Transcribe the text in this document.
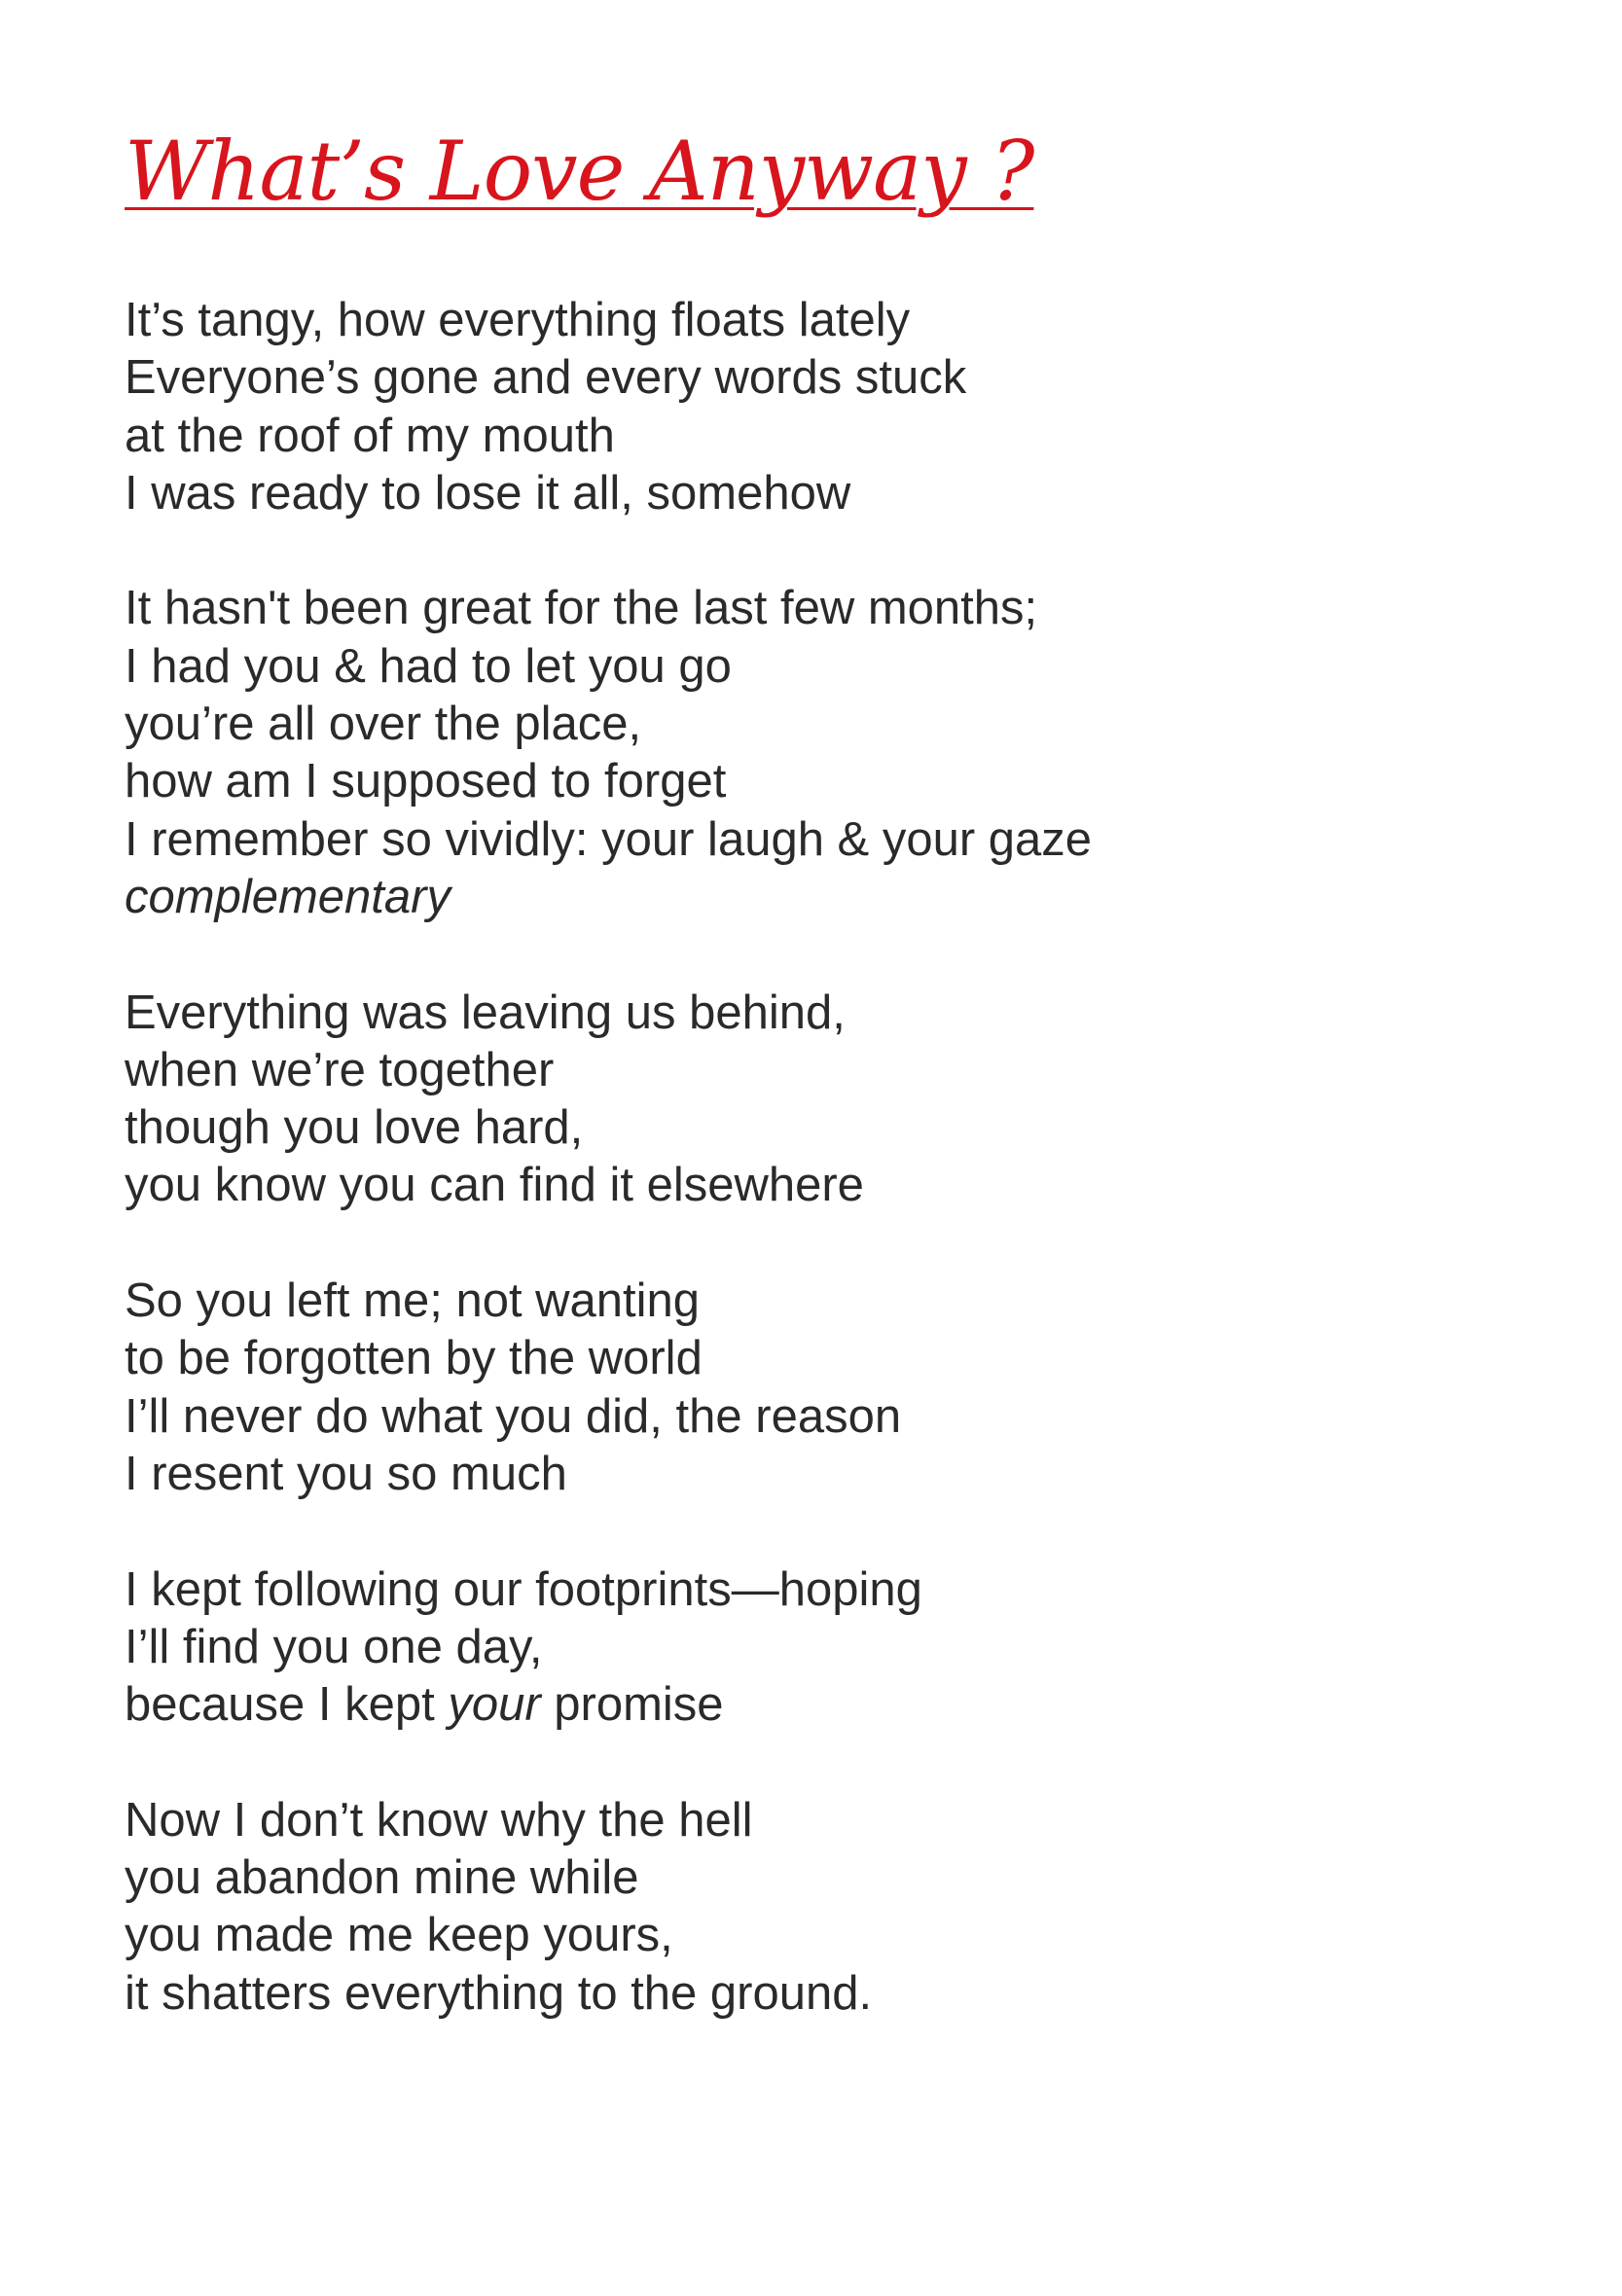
What’s Love Anyway ?

It’s tangy, how everything floats lately
Everyone’s gone and every words stuck
at the roof of my mouth
I was ready to lose it all, somehow

It hasn't been great for the last few months;
I had you & had to let you go
you’re all over the place,
how am I supposed to forget
I remember so vividly: your laugh & your gaze
complementary

Everything was leaving us behind,
when we’re together
though you love hard,
you know you can find it elsewhere

So you left me; not wanting
to be forgotten by the world
I’ll never do what you did, the reason
I resent you so much

I kept following our footprints—hoping
I’ll find you one day,
because I kept your promise

Now I don’t know why the hell
you abandon mine while
you made me keep yours,
it shatters everything to the ground.
